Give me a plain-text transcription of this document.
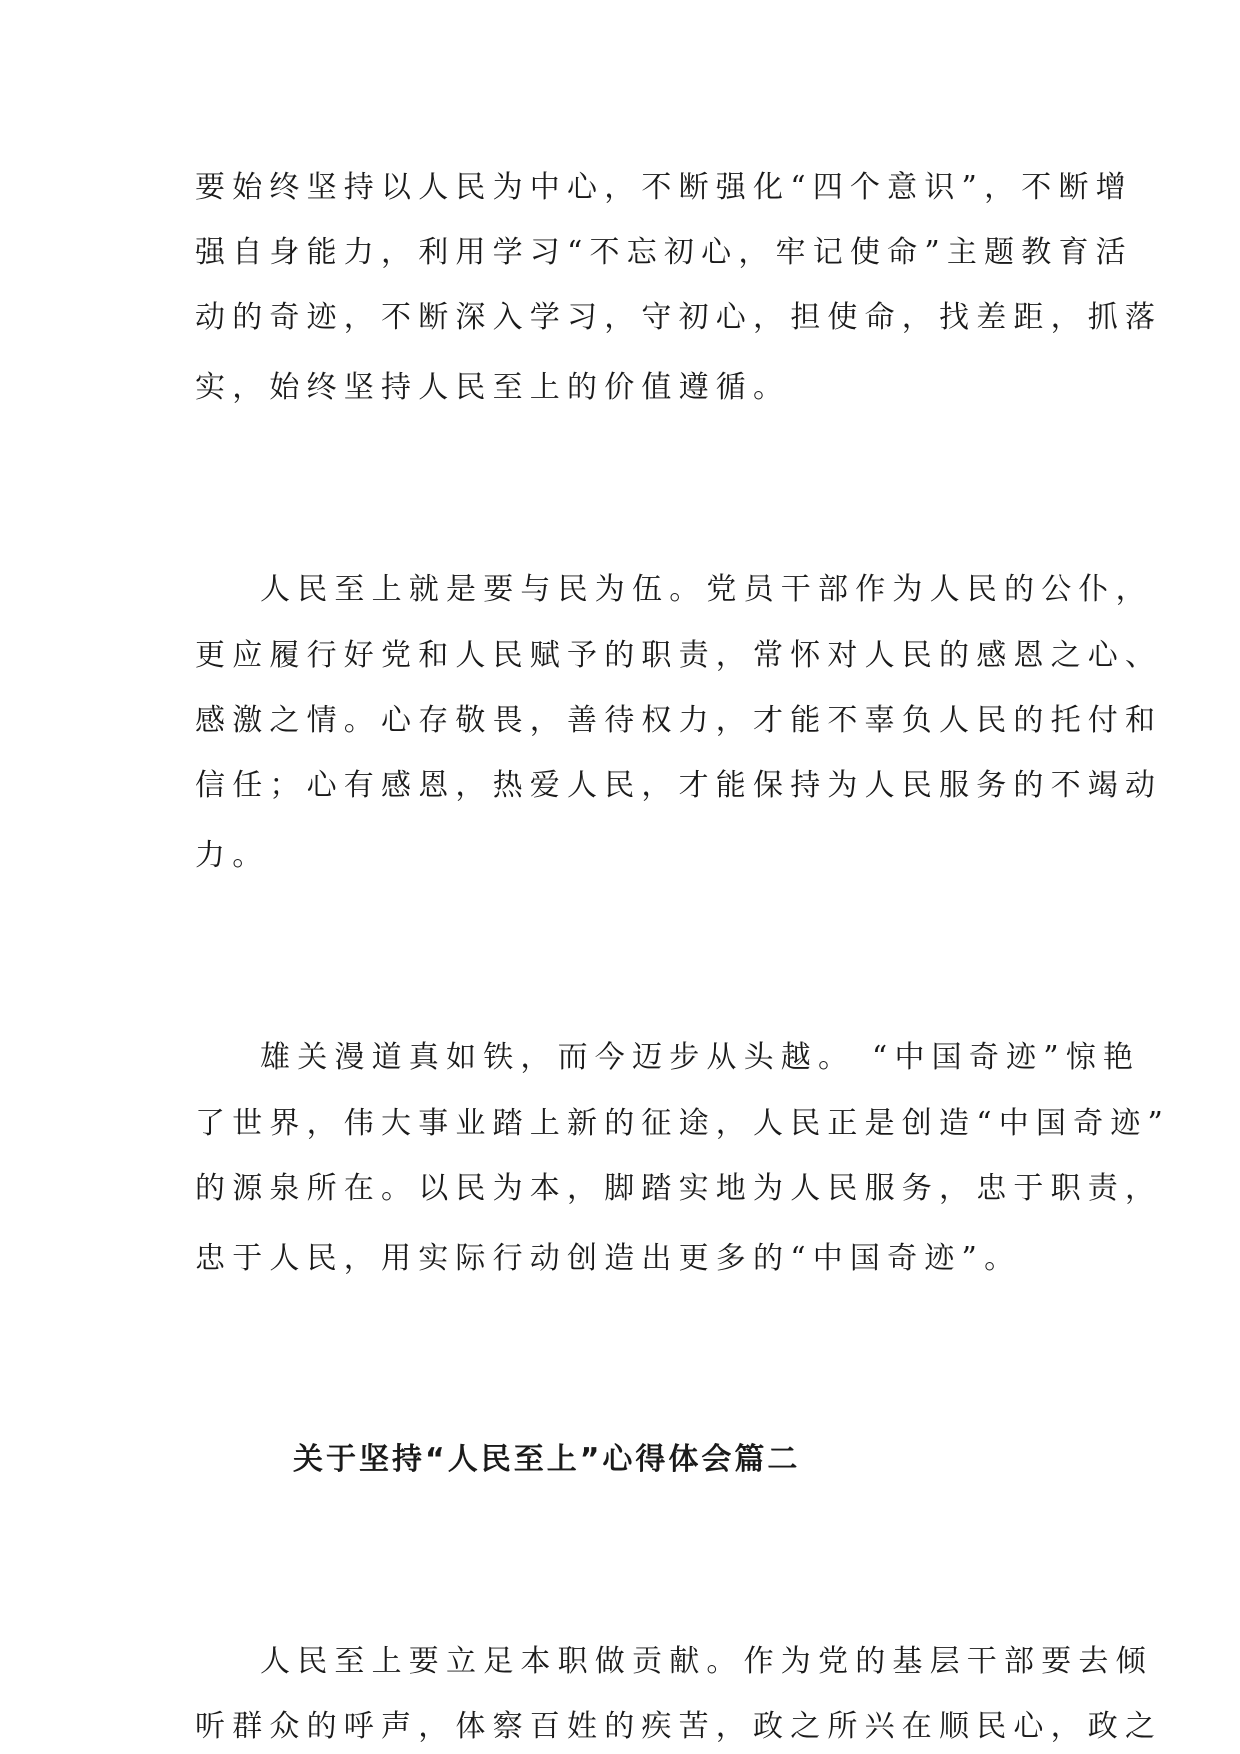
要始终坚持以人民为中心，不断强化“四个意识”，不断增
强自身能力，利用学习“不忘初心，牢记使命”主题教育活
动的奇迹，不断深入学习，守初心，担使命，找差距，抓落
实，始终坚持人民至上的价值遵循。
人民至上就是要与民为伍。党员干部作为人民的公仆，
更应履行好党和人民赋予的职责，常怀对人民的感恩之心、
感激之情。心存敬畏，善待权力，才能不辜负人民的托付和
信任；心有感恩，热爱人民，才能保持为人民服务的不竭动
力。
雄关漫道真如铁，而今迈步从头越。 “中国奇迹”惊艳
了世界，伟大事业踏上新的征途，人民正是创造“中国奇迹”
的源泉所在。以民为本，脚踏实地为人民服务，忠于职责，
忠于人民，用实际行动创造出更多的“中国奇迹”。
关于坚持“人民至上”心得体会篇二
人民至上要立足本职做贡献。作为党的基层干部要去倾
听群众的呼声，体察百姓的疾苦，政之所兴在顺民心，政之
